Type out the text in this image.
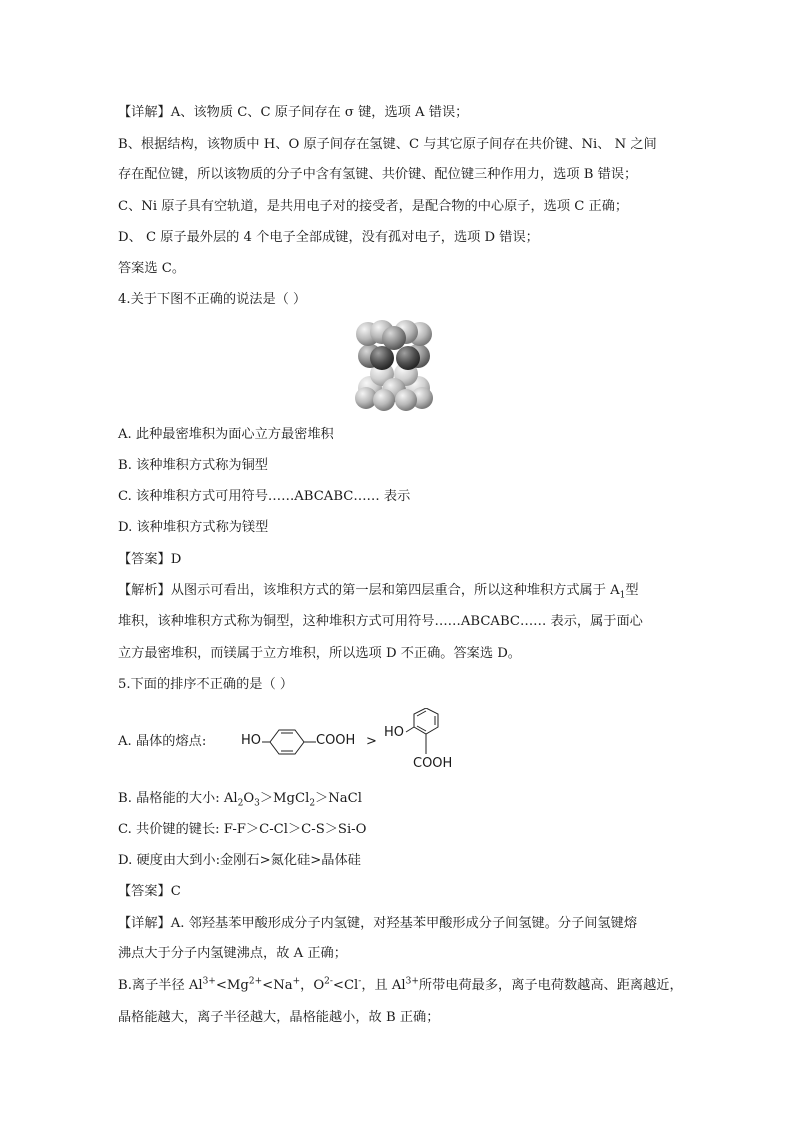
【详解】A、该物质 C、C 原子间存在 σ 键，选项 A 错误；
B、根据结构，该物质中 H、O 原子间存在氢键、C 与其它原子间存在共价键、Ni、 N 之间
存在配位键，所以该物质的分子中含有氢键、共价键、配位键三种作用力，选项 B 错误；
C、Ni 原子具有空轨道，是共用电子对的接受者，是配合物的中心原子，选项 C 正确；
D、 C 原子最外层的 4 个电子全部成键，没有孤对电子，选项 D 错误；
答案选 C。
4.关于下图不正确的说法是（ ）
A. 此种最密堆积为面心立方最密堆积
B. 该种堆积方式称为铜型
C. 该种堆积方式可用符号……ABCABC…… 表示
D. 该种堆积方式称为镁型
【答案】D
【解析】从图示可看出，该堆积方式的第一层和第四层重合，所以这种堆积方式属于 $A_1$型
堆积，该种堆积方式称为铜型，这种堆积方式可用符号……ABCABC…… 表示，属于面心
立方最密堆积，而镁属于立方堆积，所以选项 D 不正确。答案选 D。
5.下面的排序不正确的是（ ）
A. 晶体的熔点:	HO	COOH >
HO
COOH
B. 晶格能的大小: $Al_2O_3>MgCl_2>NaCl$
C. 共价键的键长: F-F＞C-Cl＞C-S＞Si-O
D. 硬度由大到小:金刚石>氮化硅>晶体硅
【答案】C
【详解】A. 邻羟基苯甲酸形成分子内氢键，对羟基苯甲酸形成分子间氢键。分子间氢键熔
沸点大于分子内氢键沸点，故 A 正确；
B.离子半径 $Al^{3+}<Mg^{2+}<Na^+$，$O^{2-}<Cl^-$，且 $Al^{3+}$所带电荷最多，离子电荷数越高、距离越近，
晶格能越大，离子半径越大，晶格能越小，故 B 正确；
